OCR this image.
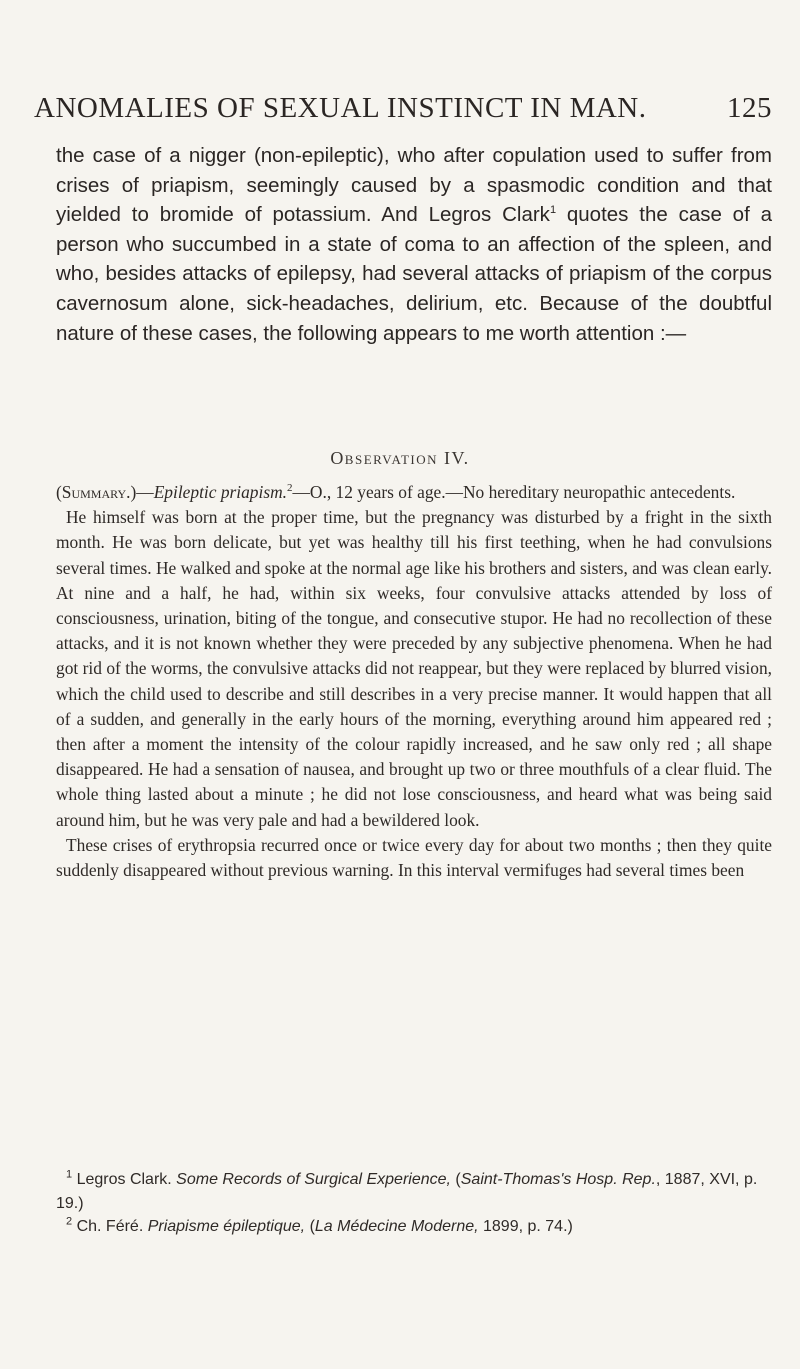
ANOMALIES OF SEXUAL INSTINCT IN MAN.	125
the case of a nigger (non-epileptic), who after copulation used to suffer from crises of priapism, seemingly caused by a spasmodic condition and that yielded to bromide of potassium. And Legros Clark$^1$ quotes the case of a person who succumbed in a state of coma to an affection of the spleen, and who, besides attacks of epilepsy, had several attacks of priapism of the corpus cavernosum alone, sick-headaches, delirium, etc. Because of the doubtful nature of these cases, the following appears to me worth attention :—
Observation IV.

(Summary.)—Epileptic priapism.$^2$—O., 12 years of age.—No hereditary neuropathic antecedents.

He himself was born at the proper time, but the pregnancy was disturbed by a fright in the sixth month. He was born delicate, but yet was healthy till his first teething, when he had convulsions several times. He walked and spoke at the normal age like his brothers and sisters, and was clean early. At nine and a half, he had, within six weeks, four convulsive attacks attended by loss of consciousness, urination, biting of the tongue, and consecutive stupor. He had no recollection of these attacks, and it is not known whether they were preceded by any subjective phenomena. When he had got rid of the worms, the convulsive attacks did not reappear, but they were replaced by blurred vision, which the child used to describe and still describes in a very precise manner. It would happen that all of a sudden, and generally in the early hours of the morning, everything around him appeared red ; then after a moment the intensity of the colour rapidly increased, and he saw only red ; all shape disappeared. He had a sensation of nausea, and brought up two or three mouthfuls of a clear fluid. The whole thing lasted about a minute ; he did not lose consciousness, and heard what was being said around him, but he was very pale and had a bewildered look.

These crises of erythropsia recurred once or twice every day for about two months ; then they quite suddenly disappeared without previous warning. In this interval vermifuges had several times been

$^1$ Legros Clark. Some Records of Surgical Experience, (Saint-Thomas's Hosp. Rep., 1887, XVI, p. 19.)

$^2$ Ch. Féré. Priapisme épileptique, (La Médecine Moderne, 1899, p. 74.)
